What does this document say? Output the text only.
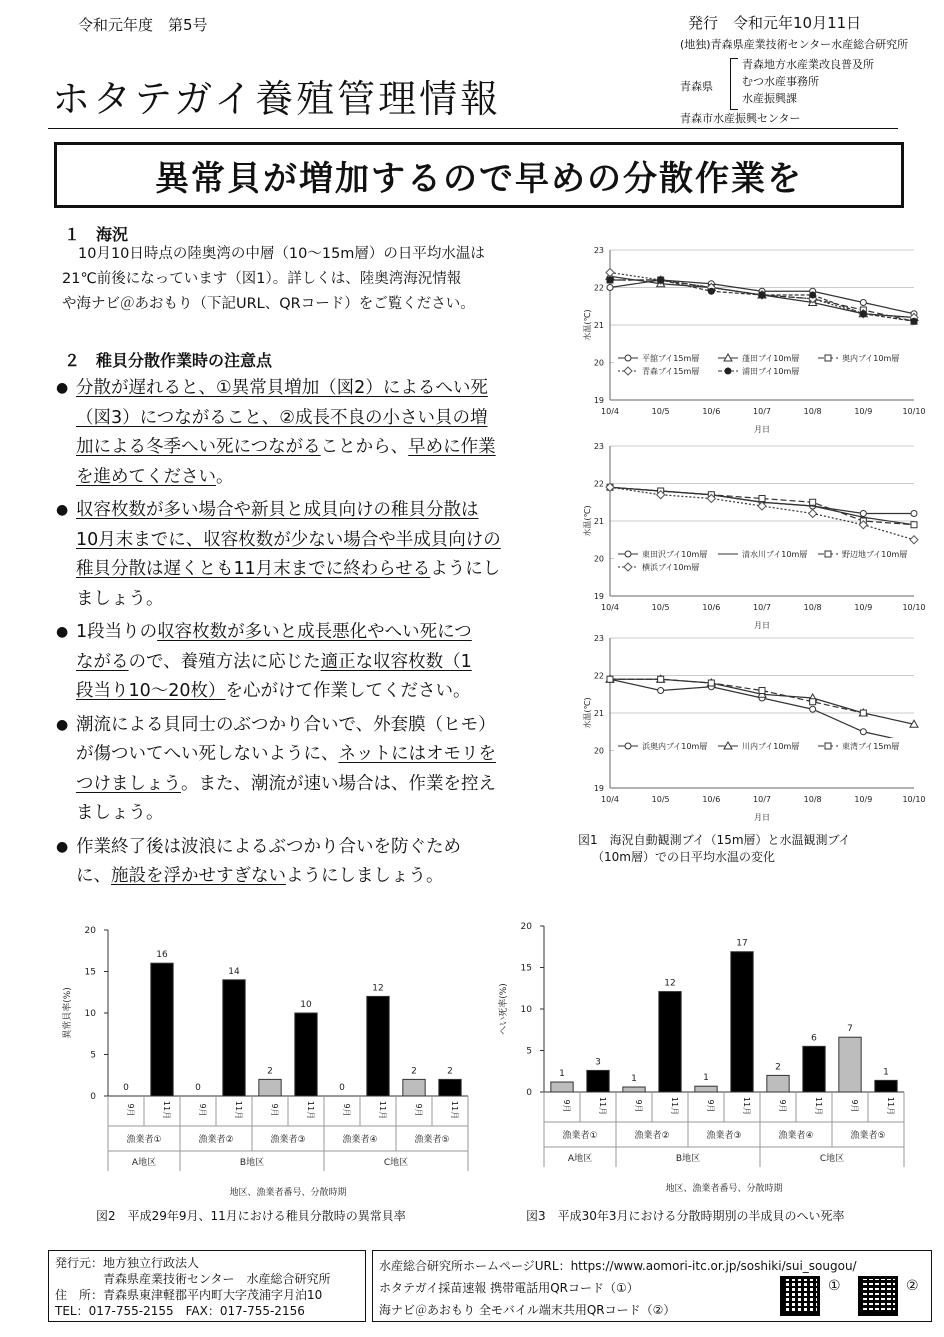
令和元年度　第5号	発行　令和元年10月11日
(地独)青森県産業技術センター水産総合研究所
ホタテガイ養殖管理情報	青森県
青森地方水産業改良普及所
むつ水産事務所
水産振興課
青森市水産振興センター
異常貝が増加するので早めの分散作業を
１　海況
10月10日時点の陸奥湾の中層（10～15m層）の日平均水温は
21℃前後になっています（図1）。詳しくは、陸奥湾海況情報
や海ナビ＠あおもり（下記URL、QRコード）をご覧ください。
２　稚貝分散作業時の注意点
● 分散が遅れると、①異常貝増加（図2）によるへい死
（図3）につながること、②成長不良の小さい貝の増
加による冬季へい死につながることから、早めに作業
を進めてください。
● 収容枚数が多い場合や新貝と成貝向けの稚貝分散は
10月末までに、収容枚数が少ない場合や半成貝向けの
稚貝分散は遅くとも11月末までに終わらせるようにし
ましょう。
● 1段当りの収容枚数が多いと成長悪化やへい死につ
ながるので、養殖方法に応じた適正な収容枚数（1
段当り10～20枚）を心がけて作業してください。
● 潮流による貝同士のぶつかり合いで、外套膜（ヒモ）
が傷ついてへい死しないように、ネットにはオモリを
つけましょう。また、潮流が速い場合は、作業を控え
ましょう。
● 作業終了後は波浪によるぶつかり合いを防ぐため
に、施設を浮かせすぎないようにしましょう。
19
20
21
22
23
10/4	10/5	10/6	10/7	10/8	10/9	10/10
月日
水温(℃)
平舘ブイ15m層	蓬田ブイ10m層	奥内ブイ10m層
青森ブイ15m層	浦田ブイ10m層
19
20
21
22
23
10/4	10/5	10/6	10/7	10/8	10/9	10/10
月日
水温(℃)
東田沢ブイ10m層	清水川ブイ10m層	野辺地ブイ10m層
横浜ブイ10m層
19
20
21
22
23
10/4	10/5	10/6	10/7	10/8	10/9	10/10
月日
水温(℃)
浜奥内ブイ10m層	川内ブイ10m層	東湾ブイ15m層
図1　海況自動観測ブイ（15m層）と水温観測ブイ
（10m層）での日平均水温の変化
0
5
10
15
20
異常貝率(%)
0
9月
16
11月
0
9月
14
11月
2
9月
10
11月
0
9月
12
11月
2
9月
2
11月
漁業者①	漁業者②	漁業者③	漁業者④	漁業者⑤
A地区	B地区	C地区
地区、漁業者番号、分散時期
0
5
10
15
20
へい死率(%)
1
9月
3
11月
1
9月
12
11月
1
9月
17
11月
2
9月
6
11月
7
9月
1
11月
漁業者①	漁業者②	漁業者③	漁業者④	漁業者⑤
A地区	B地区	C地区
地区、漁業者番号、分散時期
図2　平成29年9月、11月における稚貝分散時の異常貝率	図3　平成30年3月における分散時期別の半成貝のへい死率
発行元：地方独立行政法人
青森県産業技術センター　水産総合研究所
住　所：青森県東津軽郡平内町大字茂浦字月泊10
TEL：017-755-2155　FAX：017-755-2156
水産総合研究所ホームページURL：https://www.aomori-itc.or.jp/soshiki/sui_sougou/
ホタテガイ採苗速報 携帯電話用QRコード（①）
海ナビ＠あおもり 全モバイル端末共用QRコード（②）
①	②
